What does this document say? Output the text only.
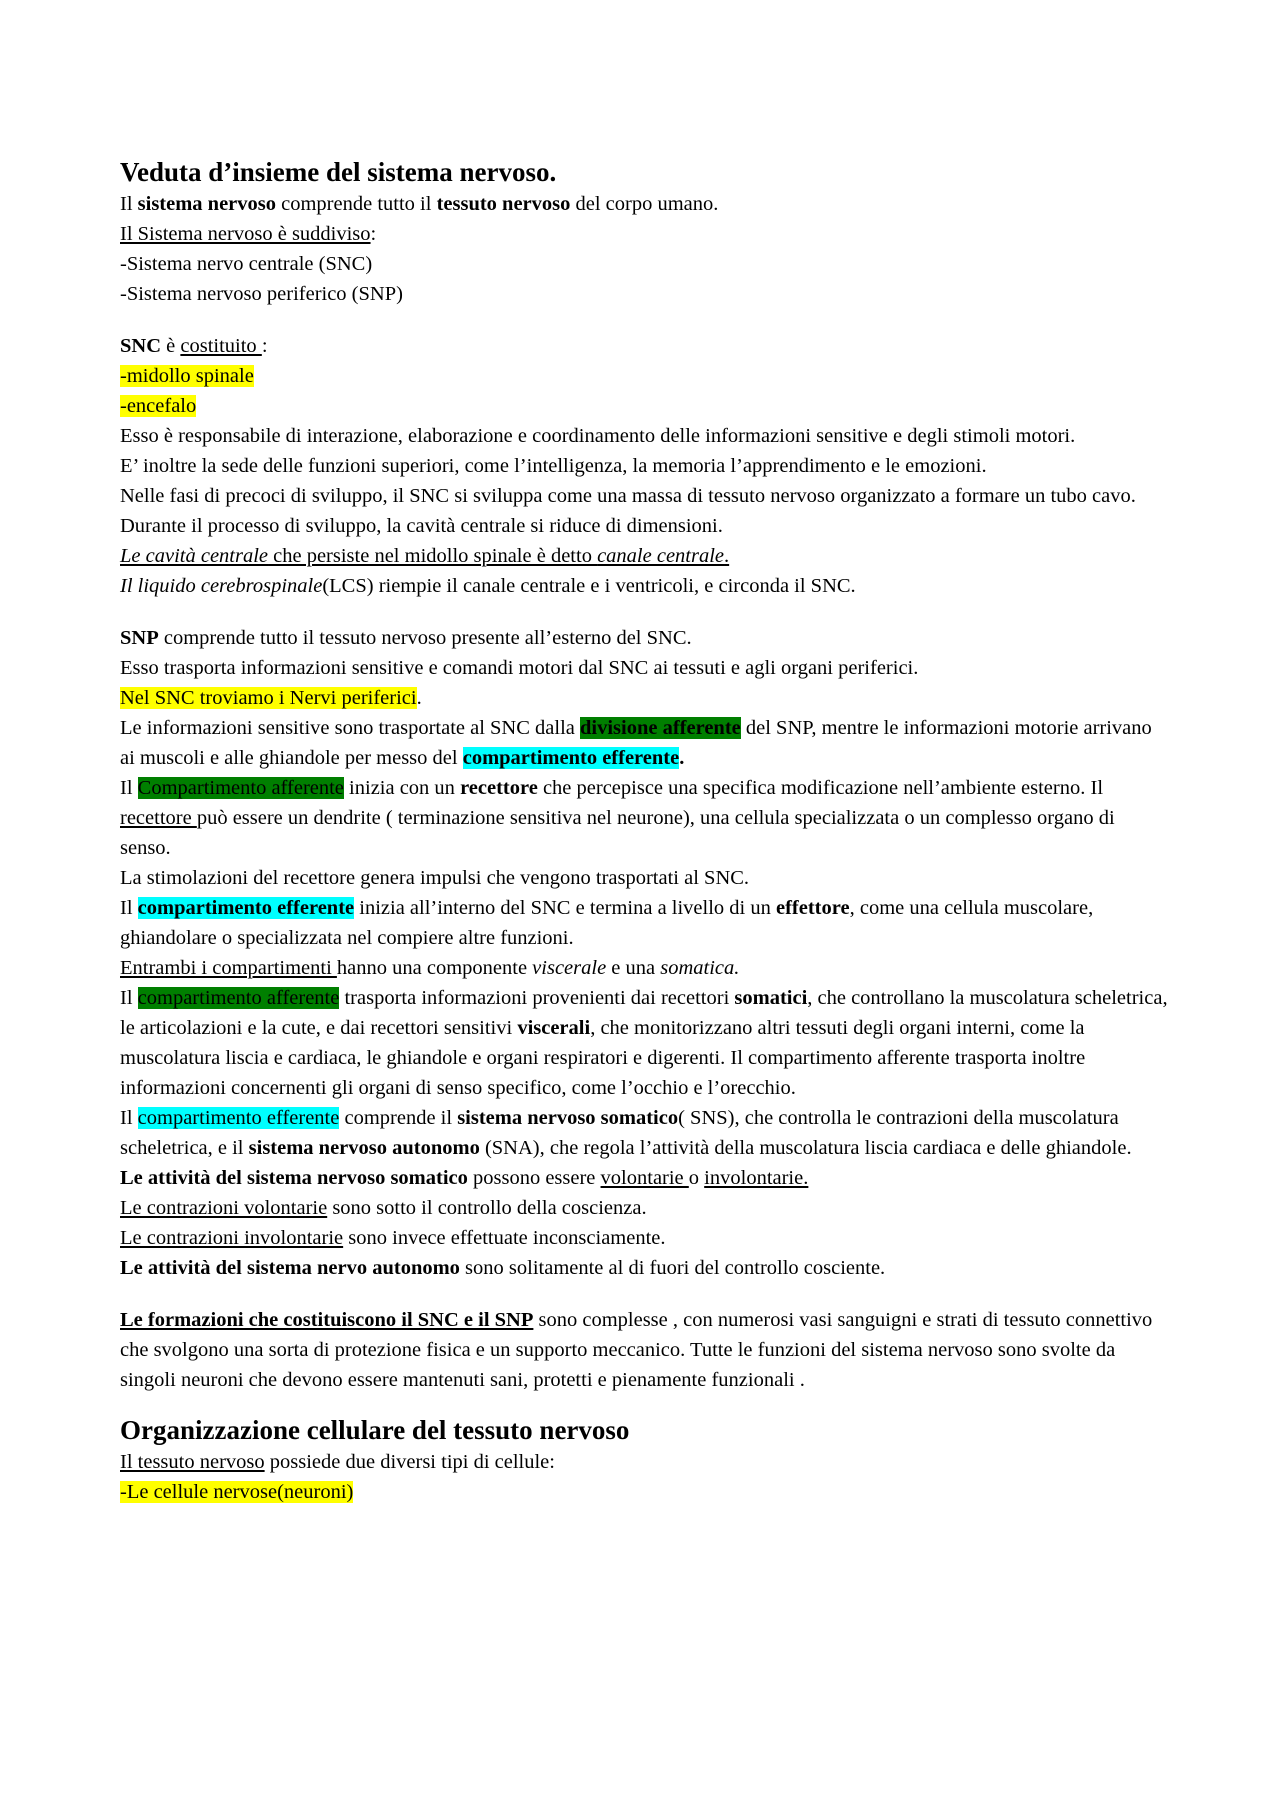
Veduta d’insieme del sistema nervoso.

Il sistema nervoso comprende tutto il tessuto nervoso del corpo umano.

Il Sistema nervoso è suddiviso:

-Sistema nervo centrale (SNC)

-Sistema nervoso periferico (SNP)

SNC è costituito :

-midollo spinale

-encefalo

Esso è responsabile di interazione, elaborazione e coordinamento delle informazioni sensitive e degli stimoli motori.

E’ inoltre la sede delle funzioni superiori, come l’intelligenza, la memoria l’apprendimento e le emozioni.

Nelle fasi di precoci di sviluppo, il SNC si sviluppa come una massa di tessuto nervoso organizzato a formare un tubo cavo.

Durante il processo di sviluppo, la cavità centrale si riduce di dimensioni.

Le cavità centrale che persiste nel midollo spinale è detto canale centrale.

Il liquido cerebrospinale(LCS) riempie il canale centrale e i ventricoli, e circonda il SNC.

SNP comprende tutto il tessuto nervoso presente all’esterno del SNC.

Esso trasporta informazioni sensitive e comandi motori dal SNC ai tessuti e agli organi periferici.

Nel SNC troviamo i Nervi periferici.

Le informazioni sensitive sono trasportate al SNC dalla divisione afferente del SNP, mentre le informazioni motorie arrivano ai muscoli e alle ghiandole per messo del compartimento efferente.

Il Compartimento afferente inizia con un recettore che percepisce una specifica modificazione nell’ambiente esterno. Il recettore può essere un dendrite ( terminazione sensitiva nel neurone), una cellula specializzata o un complesso organo di senso.

La stimolazioni del recettore genera impulsi che vengono trasportati al SNC.

Il compartimento efferente inizia all’interno del SNC e termina a livello di un effettore, come una cellula muscolare, ghiandolare o specializzata nel compiere altre funzioni.

Entrambi i compartimenti hanno una componente viscerale e una somatica.

Il compartimento afferente trasporta informazioni provenienti dai recettori somatici, che controllano la muscolatura scheletrica, le articolazioni e la cute, e dai recettori sensitivi viscerali, che monitorizzano altri tessuti degli organi interni, come la muscolatura liscia e cardiaca, le ghiandole e organi respiratori e digerenti. Il compartimento afferente trasporta inoltre informazioni concernenti gli organi di senso specifico, come l’occhio e l’orecchio.

Il compartimento efferente comprende il sistema nervoso somatico( SNS), che controlla le contrazioni della muscolatura scheletrica, e il sistema nervoso autonomo (SNA), che regola l’attività della muscolatura liscia cardiaca e delle ghiandole.

Le attività del sistema nervoso somatico possono essere volontarie o involontarie.

Le contrazioni volontarie sono sotto il controllo della coscienza.

Le contrazioni involontarie sono invece effettuate inconsciamente.

Le attività del sistema nervo autonomo sono solitamente al di fuori del controllo cosciente.

Le formazioni che costituiscono il SNC e il SNP sono complesse , con numerosi vasi sanguigni e strati di tessuto connettivo che svolgono una sorta di protezione fisica e un supporto meccanico. Tutte le funzioni del sistema nervoso sono svolte da singoli neuroni che devono essere mantenuti sani, protetti e pienamente funzionali .

Organizzazione cellulare del tessuto nervoso

Il tessuto nervoso possiede due diversi tipi di cellule:

-Le cellule nervose(neuroni)
